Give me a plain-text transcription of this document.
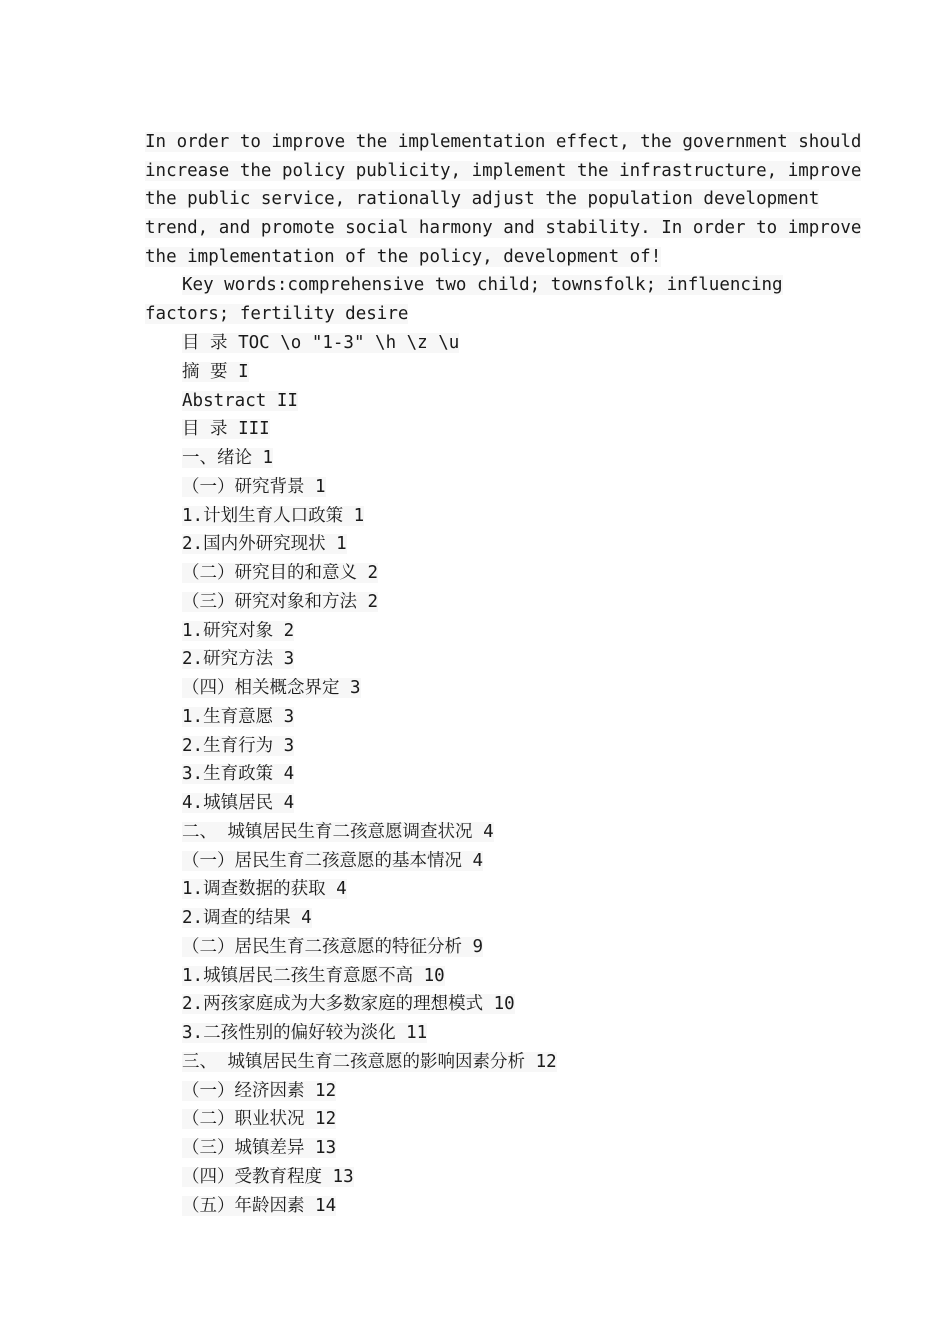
In order to improve the implementation effect, the government should
increase the policy publicity, implement the infrastructure, improve
the public service, rationally adjust the population development
trend, and promote social harmony and stability. In order to improve
the implementation of the policy, development of!
Key words:comprehensive two child; townsfolk; influencing
factors; fertility desire
目 录 TOC \o "1-3" \h \z \u
摘 要 I
Abstract II
目 录 III
一、绪论 1
（一）研究背景 1
1.计划生育人口政策 1
2.国内外研究现状 1
（二）研究目的和意义 2
（三）研究对象和方法 2
1.研究对象 2
2.研究方法 3
（四）相关概念界定 3
1.生育意愿 3
2.生育行为 3
3.生育政策 4
4.城镇居民 4
二、 城镇居民生育二孩意愿调查状况 4
（一）居民生育二孩意愿的基本情况 4
1.调查数据的获取 4
2.调查的结果 4
（二）居民生育二孩意愿的特征分析 9
1.城镇居民二孩生育意愿不高 10
2.两孩家庭成为大多数家庭的理想模式 10
3.二孩性别的偏好较为淡化 11
三、 城镇居民生育二孩意愿的影响因素分析 12
（一）经济因素 12
（二）职业状况 12
（三）城镇差异 13
（四）受教育程度 13
（五）年龄因素 14
